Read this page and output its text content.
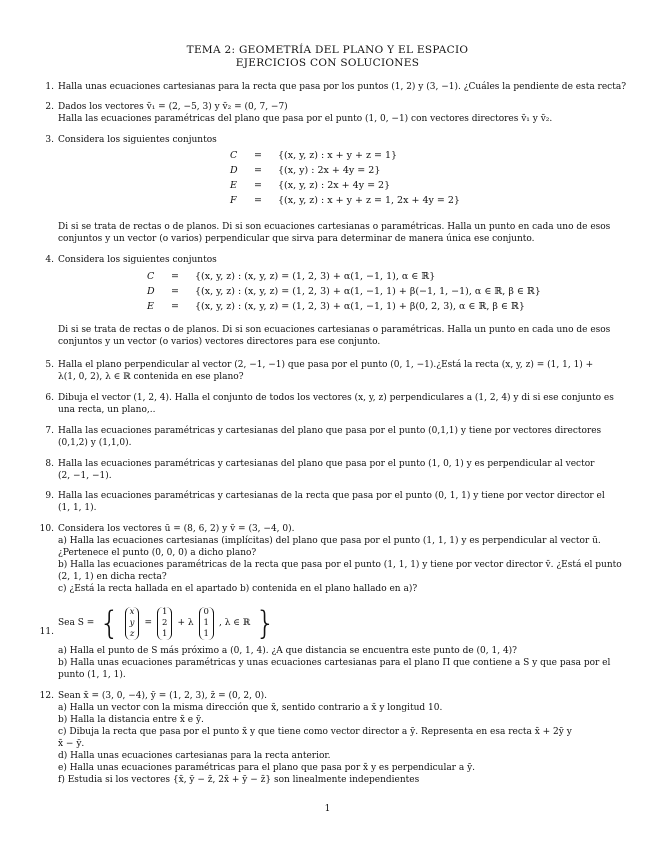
TEMA 2: GEOMETRÍA DEL PLANO Y EL ESPACIO
EJERCICIOS CON SOLUCIONES
1. Halla unas ecuaciones cartesianas para la recta que pasa por los puntos (1, 2) y (3, −1). ¿Cuáles la pendiente de esta recta?
2. Dados los vectores v̄₁ = (2, −5, 3) y v̄₂ = (0, 7, −7)
Halla las ecuaciones paramétricas del plano que pasa por el punto (1, 0, −1) con vectores directores v̄₁ y v̄₂.
3. Considera los siguientes conjuntos
C	= {(x, y, z) : x + y + z = 1}
D	= {(x, y) : 2x + 4y = 2}
E	= {(x, y, z) : 2x + 4y = 2}
F	= {(x, y, z) : x + y + z = 1, 2x + 4y = 2}
Di si se trata de rectas o de planos. Di si son ecuaciones cartesianas o paramétricas. Halla un punto en cada uno de esos
conjuntos y un vector (o varios) perpendicular que sirva para determinar de manera única ese conjunto.
4. Considera los siguientes conjuntos
C	= {(x, y, z) : (x, y, z) = (1, 2, 3) + α(1, −1, 1), α ∈ ℝ}
D	= {(x, y, z) : (x, y, z) = (1, 2, 3) + α(1, −1, 1) + β(−1, 1, −1), α ∈ ℝ, β ∈ ℝ}
E	= {(x, y, z) : (x, y, z) = (1, 2, 3) + α(1, −1, 1) + β(0, 2, 3), α ∈ ℝ, β ∈ ℝ}
Di si se trata de rectas o de planos. Di si son ecuaciones cartesianas o paramétricas. Halla un punto en cada uno de esos
conjuntos y un vector (o varios) vectores directores para ese conjunto.
5. Halla el plano perpendicular al vector (2, −1, −1) que pasa por el punto (0, 1, −1).¿Está la recta (x, y, z) = (1, 1, 1) +
λ(1, 0, 2), λ ∈ ℝ contenida en ese plano?
6. Dibuja el vector (1, 2, 4). Halla el conjunto de todos los vectores (x, y, z) perpendiculares a (1, 2, 4) y di si ese conjunto es
una recta, un plano,..
7. Halla las ecuaciones paramétricas y cartesianas del plano que pasa por el punto (0,1,1) y tiene por vectores directores
(0,1,2) y (1,1,0).
8. Halla las ecuaciones paramétricas y cartesianas del plano que pasa por el punto (1, 0, 1) y es perpendicular al vector
(2, −1, −1).
9. Halla las ecuaciones paramétricas y cartesianas de la recta que pasa por el punto (0, 1, 1) y tiene por vector director el
(1, 1, 1).
10. Considera los vectores ū = (8, 6, 2) y v̄ = (3, −4, 0).
a) Halla las ecuaciones cartesianas (implícitas) del plano que pasa por el punto (1, 1, 1) y es perpendicular al vector ū.
¿Pertenece el punto (0, 0, 0) a dicho plano?
b) Halla las ecuaciones paramétricas de la recta que pasa por el punto (1, 1, 1) y tiene por vector director v̄. ¿Está el punto
(2, 1, 1) en dicha recta?
c) ¿Está la recta hallada en el apartado b) contenida en el plano hallado en a)?
11.
Sea S = {	x
y
z
=
1
2
1
+ λ
0
1
1
, λ ∈ ℝ }
a) Halla el punto de S más próximo a (0, 1, 4). ¿A que distancia se encuentra este punto de (0, 1, 4)?
b) Halla unas ecuaciones paramétricas y unas ecuaciones cartesianas para el plano Π que contiene a S y que pasa por el
punto (1, 1, 1).
12. Sean x̄ = (3, 0, −4), ȳ = (1, 2, 3), z̄ = (0, 2, 0).
a) Halla un vector con la misma dirección que x̄, sentido contrario a x̄ y longitud 10.
b) Halla la distancia entre x̄ e ȳ.
c) Dibuja la recta que pasa por el punto x̄ y que tiene como vector director a ȳ. Representa en esa recta x̄ + 2ȳ y
x̄ − ȳ.
d) Halla unas ecuaciones cartesianas para la recta anterior.
e) Halla unas ecuaciones paramétricas para el plano que pasa por x̄ y es perpendicular a ȳ.
f) Estudia si los vectores {x̄, ȳ − z̄, 2x̄ + ȳ − z̄} son linealmente independientes
1
